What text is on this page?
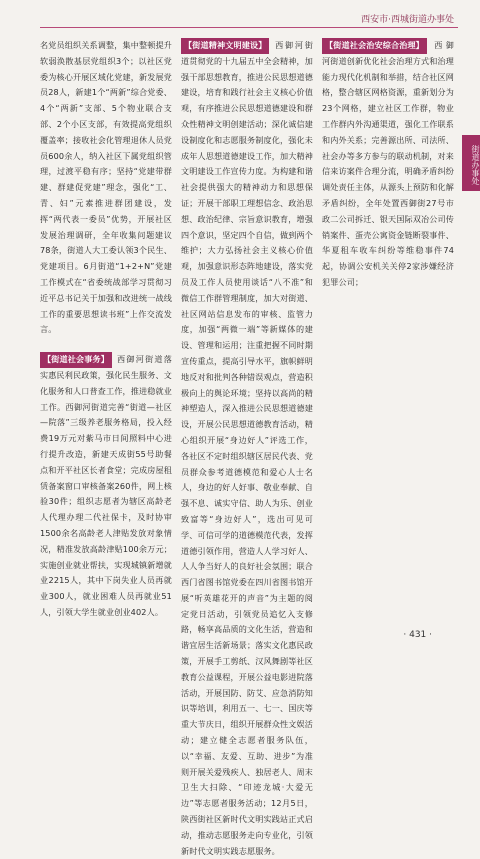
西安市·西城街道办事处
街道办事处

名党员组织关系调整，集中整顿提升软弱涣散基层党组织3个；以社区党委为核心开展区域化党建，新发展党员28人，新建1个“两新”综合党委、4个“两新”支部、5个物业联合支部、2个小区支部，有效提高党组织覆盖率；接收社会化管理退休人员党员600余人，纳入社区下属党组织管理，过渡平稳有序；坚持“党建带群建、群建促党建”理念，强化“工、青、妇”元素推进群团建设，发挥“两代表一委员”优势，开展社区发展治理调研，全年收集问题建议78条，街道人大工委认领3个民生、党建项目。6月街道“1+2+N”党建工作模式在“省委统战部学习贯彻习近平总书记关于加强和改进统一战线工作的重要思想读书班”上作交流发言。

【街道社会事务】 西御河街道落实惠民利民政策，强化民生服务、文化服务和人口普查工作，推进稳就业工作。西御河街道完善“街道—社区—院落”三级养老服务格局，投入经费19万元对紫马市日间照料中心进行提升改造，新建天成街55号助餐点和开平社区长者食堂；完成房屋租赁备案窗口审核备案260件，网上核验30件；组织志愿者为辖区高龄老人代理办理二代社保卡，及时协审1500余名高龄老人津贴发放对象情况，精准发放高龄津贴100余万元；实施创业就业帮扶，实现城镇新增就业2215人，其中下岗失业人员再就业300人，就业困难人员再就业51人，引领大学生就业创业402人。

【街道精神文明建设】 西御河街道贯彻党的十九届五中全会精神，加强干部思想教育，推进公民思想道德建设，培育和践行社会主义核心价值观，有序推进公民思想道德建设和群众性精神文明创建活动；深化诚信建设制度化和志愿服务制度化，强化未成年人思想道德建设工作，加大精神文明建设工作宣传力度。为构建和谐社会提供强大的精神动力和思想保证；开展干部职工理想信念、政治思想、政治纪律、宗旨意识教育，增强四个意识，坚定四个自信，做到两个维护；大力弘扬社会主义核心价值观，加强意识形态阵地建设，落实党员及工作人员使用谈话“八不准”和微信工作群管理制度，加大对街道、社区网站信息发布的审核、监管力度，加强“两微一端”等新媒体的建设、管理和运用；注重把握不同时期宣传重点，提高引导水平，旗帜鲜明地反对和批判各种错误观点，营造积极向上的舆论环境；坚持以高尚的精神塑造人，深入推进公民思想道德建设，开展公民思想道德教育活动，精心组织开展“身边好人”评选工作，各社区不定时组织辖区居民代表、党员群众参考道德模范和爱心人士名人，身边的好人好事、敬业奉献、自强不息、诚实守信、助人为乐、创业致富等“身边好人”，选出可见可学、可信可学的道德模范代表，发挥道德引领作用，营造人人学习好人、人人争当好人的良好社会氛围；联合西门省图书馆党委在四川省图书馆开展“听英雄花开的声音”为主题的阅定党日活动，引领党员追忆入支修路，畅享高品质的文化生活，营造和谐宜居生活新场景；落实文化惠民政策，开展手工剪纸、汉风舞剧等社区教育公益课程，开展公益电影进院落活动，开展国防、防艾、应急消防知识等培训，利用五一、七一、国庆等重大节庆日，组织开展群众性文娱活动；建立健全志愿者服务队伍，以“幸福、友爱、互助、进步”为准则开展关爱残疾人、独居老人、周末卫生大扫除、“印迹龙城·大爱无边”等志愿者服务活动；12月5日，陕西街社区新时代文明实践站正式启动，推动志愿服务走向专业化，引领新时代文明实践志愿服务。

【街道社会治安综合治理】 西御河街道创新优化社会治理方式和治理能力现代化机制和举措，结合社区网格，整合辖区网格资源，重新划分为23个网格，建立社区工作群，物业工作群内外沟通渠道，强化工作联系和内外关系；完善源出所、司法所、社会办等多方参与的联动机制，对来信来访案件合理分流，明确矛盾纠纷调处责任主体，从源头上预防和化解矛盾纠纷，全年处置西御街27号市政二公司拆迁、银天国际双冶公司传销案件、蛋壳公寓资金链断裂事件、华夏租车收车纠纷等维稳事件74起，协调公安机关关停2家涉嫌经济犯罪公司；

· 431 ·
